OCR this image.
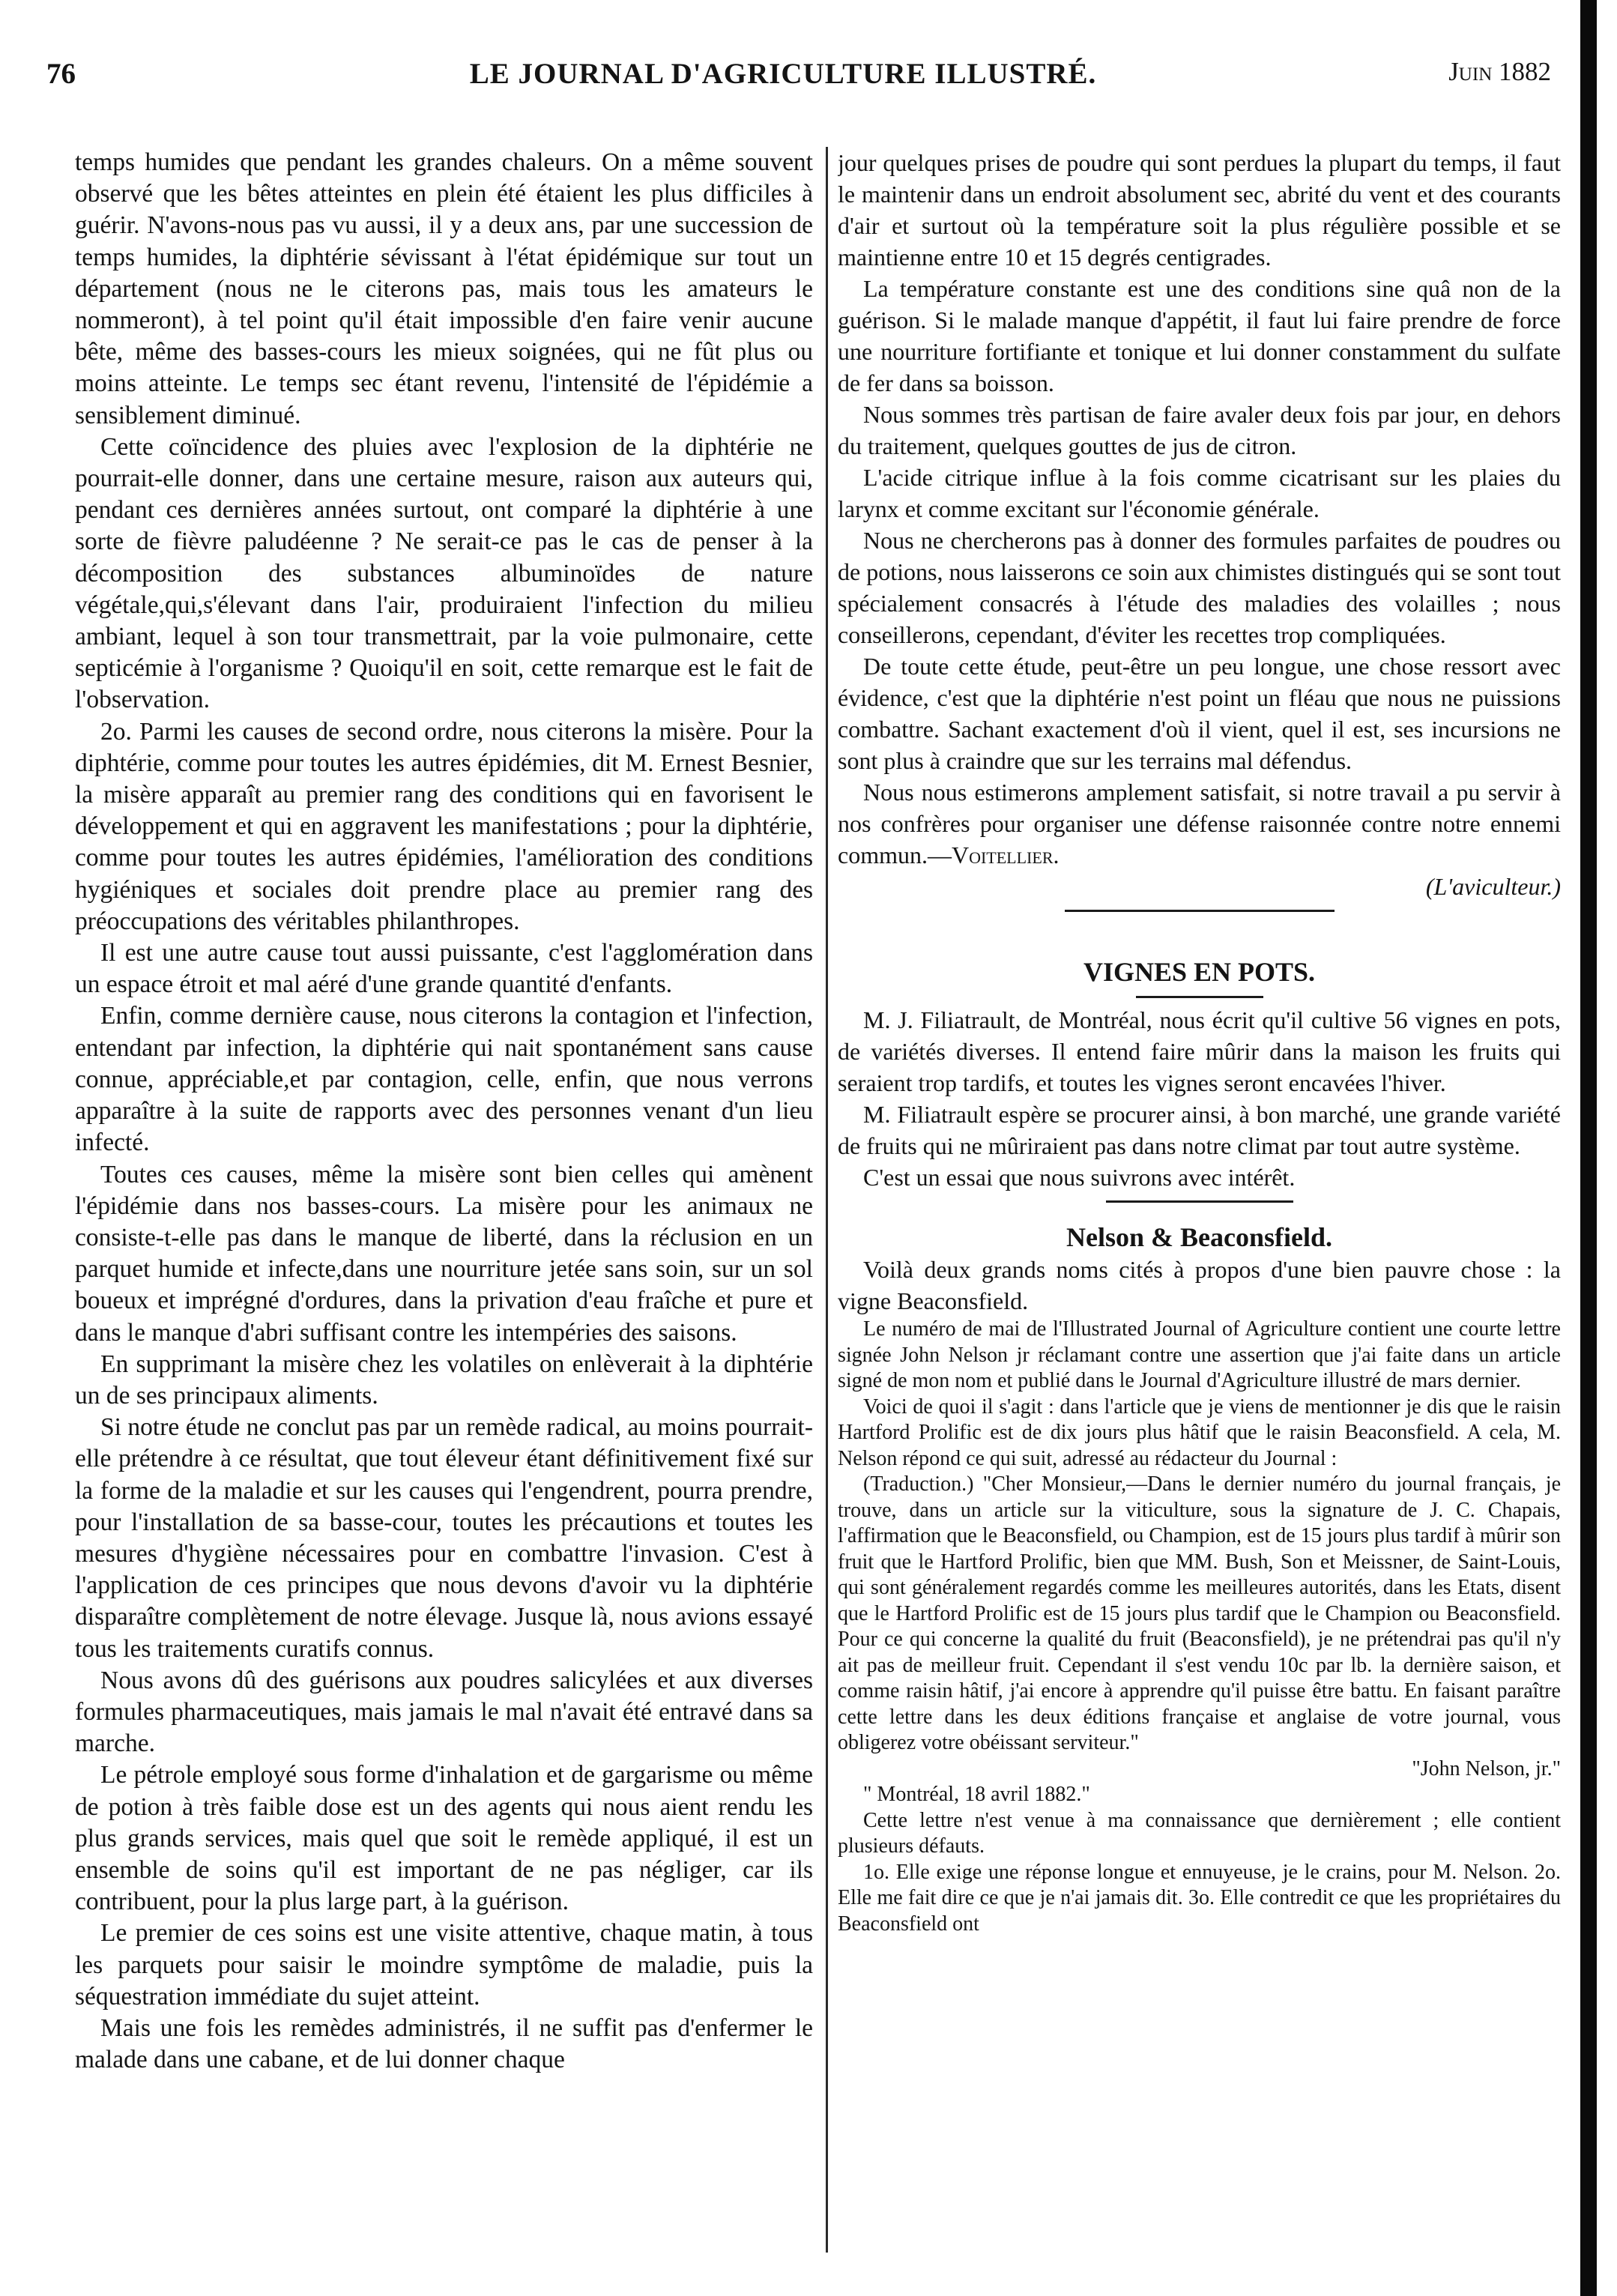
76	LE JOURNAL D'AGRICULTURE ILLUSTRÉ.	Juin 1882

temps humides que pendant les grandes chaleurs. On a même souvent observé que les bêtes atteintes en plein été étaient les plus difficiles à guérir. N'avons-nous pas vu aussi, il y a deux ans, par une succession de temps humides, la diphtérie sévissant à l'état épidémique sur tout un département (nous ne le citerons pas, mais tous les amateurs le nommeront), à tel point qu'il était impossible d'en faire venir aucune bête, même des basses-cours les mieux soignées, qui ne fût plus ou moins atteinte. Le temps sec étant revenu, l'intensité de l'épidémie a sensiblement diminué.

Cette coïncidence des pluies avec l'explosion de la diphtérie ne pourrait-elle donner, dans une certaine mesure, raison aux auteurs qui, pendant ces dernières années surtout, ont comparé la diphtérie à une sorte de fièvre paludéenne ? Ne serait-ce pas le cas de penser à la décomposition des substances albuminoïdes de nature végétale,qui,s'élevant dans l'air, produiraient l'infection du milieu ambiant, lequel à son tour transmettrait, par la voie pulmonaire, cette septicémie à l'organisme ? Quoiqu'il en soit, cette remarque est le fait de l'observation.

2o. Parmi les causes de second ordre, nous citerons la misère. Pour la diphtérie, comme pour toutes les autres épidémies, dit M. Ernest Besnier, la misère apparaît au premier rang des conditions qui en favorisent le développement et qui en aggravent les manifestations ; pour la diphtérie, comme pour toutes les autres épidémies, l'amélioration des conditions hygiéniques et sociales doit prendre place au premier rang des préoccupations des véritables philanthropes.

Il est une autre cause tout aussi puissante, c'est l'agglomération dans un espace étroit et mal aéré d'une grande quantité d'enfants.

Enfin, comme dernière cause, nous citerons la contagion et l'infection, entendant par infection, la diphtérie qui nait spontanément sans cause connue, appréciable,et par contagion, celle, enfin, que nous verrons apparaître à la suite de rapports avec des personnes venant d'un lieu infecté.

Toutes ces causes, même la misère sont bien celles qui amènent l'épidémie dans nos basses-cours. La misère pour les animaux ne consiste-t-elle pas dans le manque de liberté, dans la réclusion en un parquet humide et infecte,dans une nourriture jetée sans soin, sur un sol boueux et imprégné d'ordures, dans la privation d'eau fraîche et pure et dans le manque d'abri suffisant contre les intempéries des saisons.

En supprimant la misère chez les volatiles on enlèverait à la diphtérie un de ses principaux aliments.

Si notre étude ne conclut pas par un remède radical, au moins pourrait-elle prétendre à ce résultat, que tout éleveur étant définitivement fixé sur la forme de la maladie et sur les causes qui l'engendrent, pourra prendre, pour l'installation de sa basse-cour, toutes les précautions et toutes les mesures d'hygiène nécessaires pour en combattre l'invasion. C'est à l'application de ces principes que nous devons d'avoir vu la diphtérie disparaître complètement de notre élevage. Jusque là, nous avions essayé tous les traitements curatifs connus.

Nous avons dû des guérisons aux poudres salicylées et aux diverses formules pharmaceutiques, mais jamais le mal n'avait été entravé dans sa marche.

Le pétrole employé sous forme d'inhalation et de gargarisme ou même de potion à très faible dose est un des agents qui nous aient rendu les plus grands services, mais quel que soit le remède appliqué, il est un ensemble de soins qu'il est important de ne pas négliger, car ils contribuent, pour la plus large part, à la guérison.

Le premier de ces soins est une visite attentive, chaque matin, à tous les parquets pour saisir le moindre symptôme de maladie, puis la séquestration immédiate du sujet atteint.

Mais une fois les remèdes administrés, il ne suffit pas d'enfermer le malade dans une cabane, et de lui donner chaque

jour quelques prises de poudre qui sont perdues la plupart du temps, il faut le maintenir dans un endroit absolument sec, abrité du vent et des courants d'air et surtout où la température soit la plus régulière possible et se maintienne entre 10 et 15 degrés centigrades.

La température constante est une des conditions sine quâ non de la guérison. Si le malade manque d'appétit, il faut lui faire prendre de force une nourriture fortifiante et tonique et lui donner constamment du sulfate de fer dans sa boisson.

Nous sommes très partisan de faire avaler deux fois par jour, en dehors du traitement, quelques gouttes de jus de citron.

L'acide citrique influe à la fois comme cicatrisant sur les plaies du larynx et comme excitant sur l'économie générale.

Nous ne chercherons pas à donner des formules parfaites de poudres ou de potions, nous laisserons ce soin aux chimistes distingués qui se sont tout spécialement consacrés à l'étude des maladies des volailles ; nous conseillerons, cependant, d'éviter les recettes trop compliquées.

De toute cette étude, peut-être un peu longue, une chose ressort avec évidence, c'est que la diphtérie n'est point un fléau que nous ne puissions combattre. Sachant exactement d'où il vient, quel il est, ses incursions ne sont plus à craindre que sur les terrains mal défendus.

Nous nous estimerons amplement satisfait, si notre travail a pu servir à nos confrères pour organiser une défense raisonnée contre notre ennemi commun.—Voitellier.

(L'aviculteur.)

VIGNES EN POTS.

M. J. Filiatrault, de Montréal, nous écrit qu'il cultive 56 vignes en pots, de variétés diverses. Il entend faire mûrir dans la maison les fruits qui seraient trop tardifs, et toutes les vignes seront encavées l'hiver.

M. Filiatrault espère se procurer ainsi, à bon marché, une grande variété de fruits qui ne mûriraient pas dans notre climat par tout autre système.

C'est un essai que nous suivrons avec intérêt.

Nelson & Beaconsfield.

Voilà deux grands noms cités à propos d'une bien pauvre chose : la vigne Beaconsfield.

Le numéro de mai de l'Illustrated Journal of Agriculture contient une courte lettre signée John Nelson jr réclamant contre une assertion que j'ai faite dans un article signé de mon nom et publié dans le Journal d'Agriculture illustré de mars dernier.

Voici de quoi il s'agit : dans l'article que je viens de mentionner je dis que le raisin Hartford Prolific est de dix jours plus hâtif que le raisin Beaconsfield. A cela, M. Nelson répond ce qui suit, adressé au rédacteur du Journal :

(Traduction.) "Cher Monsieur,—Dans le dernier numéro du journal français, je trouve, dans un article sur la viticulture, sous la signature de J. C. Chapais, l'affirmation que le Beaconsfield, ou Champion, est de 15 jours plus tardif à mûrir son fruit que le Hartford Prolific, bien que MM. Bush, Son et Meissner, de Saint-Louis, qui sont généralement regardés comme les meilleures autorités, dans les Etats, disent que le Hartford Prolific est de 15 jours plus tardif que le Champion ou Beaconsfield. Pour ce qui concerne la qualité du fruit (Beaconsfield), je ne prétendrai pas qu'il n'y ait pas de meilleur fruit. Cependant il s'est vendu 10c par lb. la dernière saison, et comme raisin hâtif, j'ai encore à apprendre qu'il puisse être battu. En faisant paraître cette lettre dans les deux éditions française et anglaise de votre journal, vous obligerez votre obéissant serviteur."

"John Nelson, jr."

" Montréal, 18 avril 1882."

Cette lettre n'est venue à ma connaissance que dernièrement ; elle contient plusieurs défauts.

1o. Elle exige une réponse longue et ennuyeuse, je le crains, pour M. Nelson. 2o. Elle me fait dire ce que je n'ai jamais dit. 3o. Elle contredit ce que les propriétaires du Beaconsfield ont
